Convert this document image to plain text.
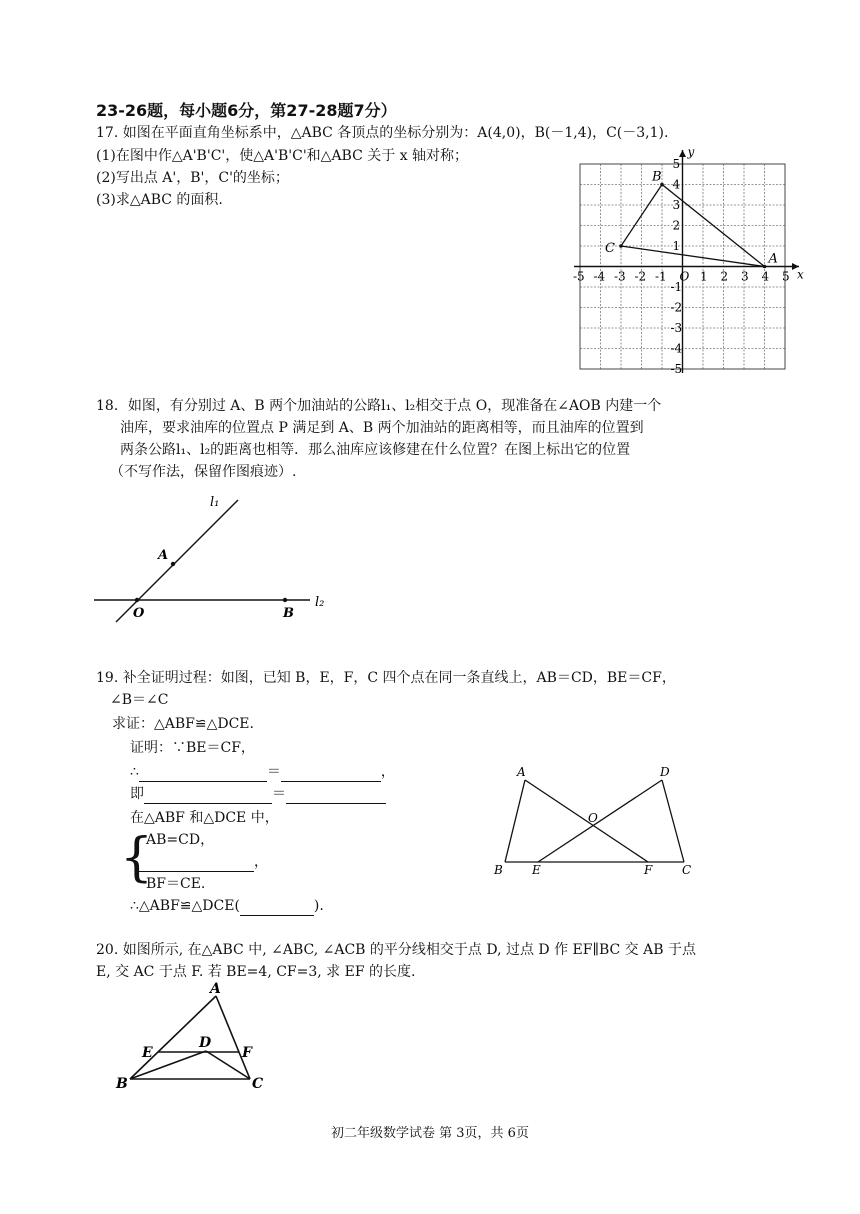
23-26题，每小题6分，第27-28题7分）
17. 如图在平面直角坐标系中，△ABC 各顶点的坐标分别为：A(4,0)，B(－1,4)，C(－3,1).
(1)在图中作△A'B'C'，使△A'B'C'和△ABC 关于 x 轴对称；
(2)写出点 A'，B'，C'的坐标；
(3)求△ABC 的面积.
-5 -4 -3 -2 -1	1 2 3 4 5
5
4
3
2
1
-1
-2
-3
-4
-5
A
B
C
x
y
O
18．如图，有分别过 A、B 两个加油站的公路l₁、l₂相交于点 O，现准备在∠AOB 内建一个
油库，要求油库的位置点 P 满足到 A、B 两个加油站的距离相等，而且油库的位置到
两条公路l₁、l₂的距离也相等．那么油库应该修建在什么位置？在图上标出它的位置
（不写作法，保留作图痕迹）.
l₁
l₂
A
O	B
19. 补全证明过程：如图，已知 B，E，F，C 四个点在同一条直线上，AB＝CD，BE＝CF，
∠B＝∠C
求证：△ABF≌△DCE.
证明：∵BE＝CF，
∴	＝	，
即	＝
在△ABF 和△DCE 中，
{
AB=CD，
，
BF＝CE.
∴△ABF≌△DCE(	).
A	D
O
B E	F C
20. 如图所示, 在△ABC 中, ∠ABC, ∠ACB 的平分线相交于点 D, 过点 D 作 EF∥BC 交 AB 于点
E, 交 AC 于点 F. 若 BE=4, CF=3, 求 EF 的长度.
A
E
D
F
B	C
初二年级数学试卷 第 3页，共 6页
